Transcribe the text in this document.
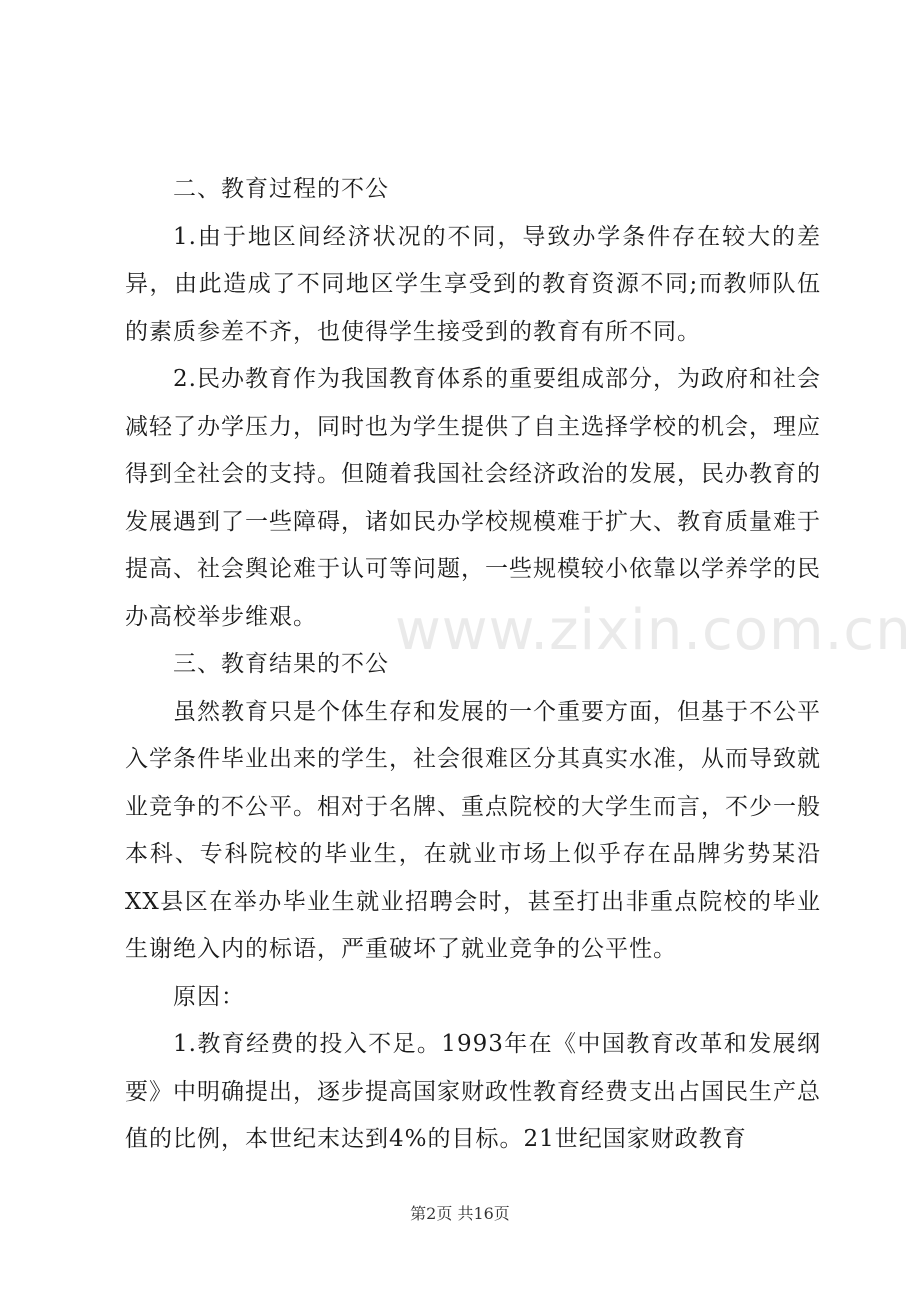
二、教育过程的不公

1.由于地区间经济状况的不同，导致办学条件存在较大的差异，由此造成了不同地区学生享受到的教育资源不同;而教师队伍的素质参差不齐，也使得学生接受到的教育有所不同。

2.民办教育作为我国教育体系的重要组成部分，为政府和社会减轻了办学压力，同时也为学生提供了自主选择学校的机会，理应得到全社会的支持。但随着我国社会经济政治的发展，民办教育的发展遇到了一些障碍，诸如民办学校规模难于扩大、教育质量难于提高、社会舆论难于认可等问题，一些规模较小依靠以学养学的民办高校举步维艰。

三、教育结果的不公

虽然教育只是个体生存和发展的一个重要方面，但基于不公平入学条件毕业出来的学生，社会很难区分其真实水准，从而导致就业竞争的不公平。相对于名牌、重点院校的大学生而言，不少一般本科、专科院校的毕业生，在就业市场上似乎存在品牌劣势某沿XX县区在举办毕业生就业招聘会时，甚至打出非重点院校的毕业生谢绝入内的标语，严重破坏了就业竞争的公平性。

原因：

1.教育经费的投入不足。1993年在《中国教育改革和发展纲要》中明确提出，逐步提高国家财政性教育经费支出占国民生产总值的比例，本世纪末达到4%的目标。21世纪国家财政教育

www.zixin.com.cn
第2页 共16页
